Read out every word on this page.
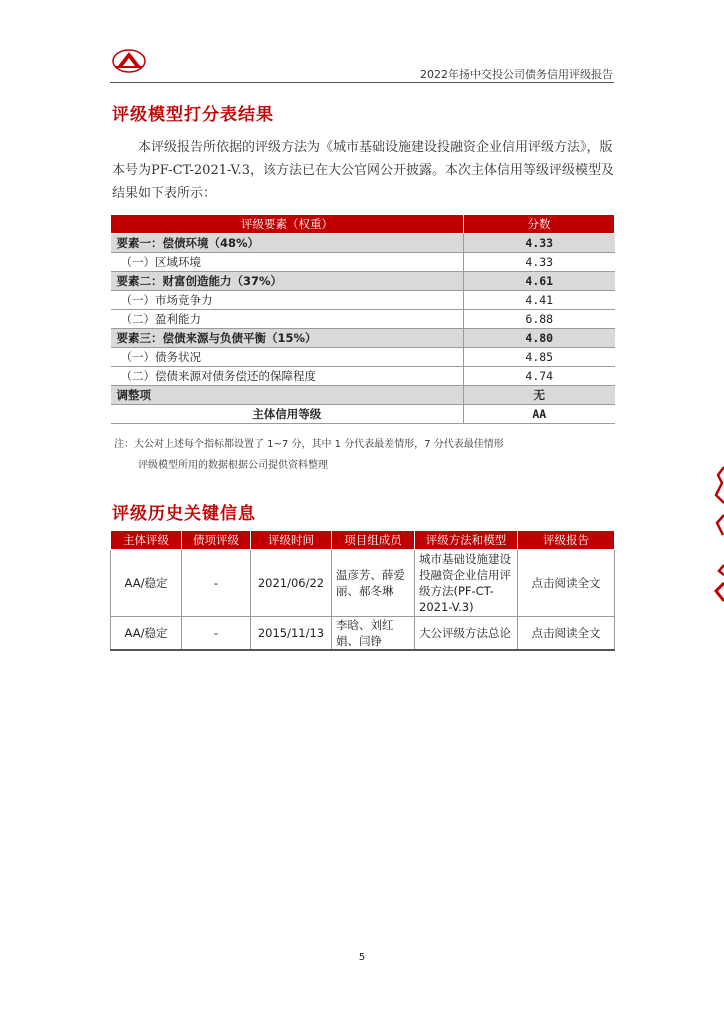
2022年扬中交投公司债务信用评级报告
评级模型打分表结果
本评级报告所依据的评级方法为《城市基础设施建设投融资企业信用评级方法》，版本号为PF-CT-2021-V.3，该方法已在大公官网公开披露。本次主体信用等级评级模型及结果如下表所示：
评级要素（权重）	分数
要素一：偿债环境（48%）	4.33
（一）区域环境	4.33
要素二：财富创造能力（37%）	4.61
（一）市场竞争力	4.41
（二）盈利能力	6.88
要素三：偿债来源与负债平衡（15%）	4.80
（一）债务状况	4.85
（二）偿债来源对债务偿还的保障程度	4.74
调整项	无
主体信用等级	AA
注：大公对上述每个指标都设置了 1~7 分，其中 1 分代表最差情形，7 分代表最佳情形
评级模型所用的数据根据公司提供资料整理
评级历史关键信息
主体评级	债项评级	评级时间	项目组成员	评级方法和模型	评级报告
AA/稳定	-	2021/06/22	温彦芳、薛爱丽、郝冬琳	城市基础设施建设投融资企业信用评级方法(PF-CT-2021-V.3)	点击阅读全文
AA/稳定	-	2015/11/13	李晗、刘红娟、闫铮	大公评级方法总论	点击阅读全文
5
